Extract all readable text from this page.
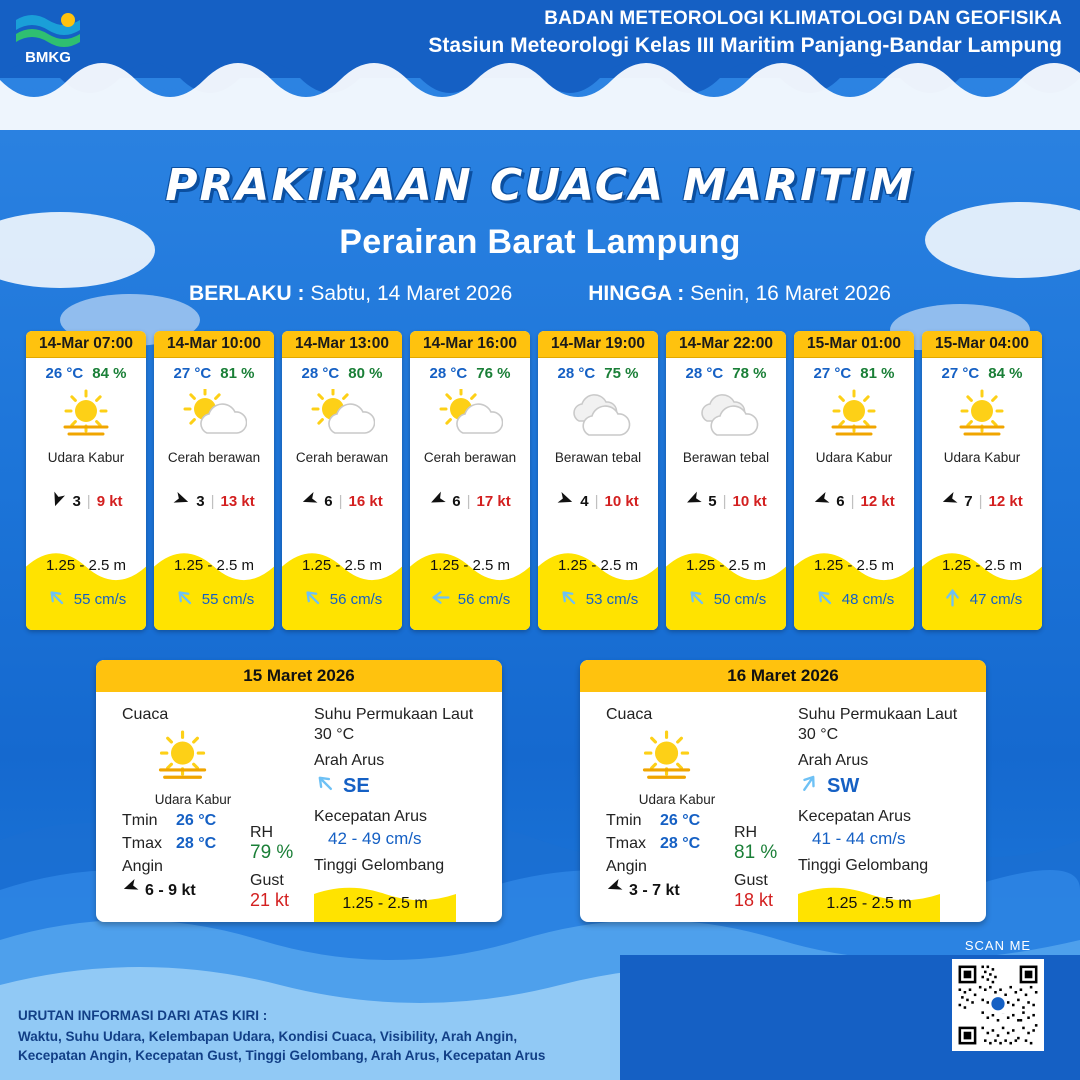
BMKG
BADAN METEOROLOGI KLIMATOLOGI DAN GEOFISIKA
Stasiun Meteorologi Kelas III Maritim Panjang-Bandar Lampung
PRAKIRAAN CUACA MARITIM
Perairan Barat Lampung
BERLAKU : Sabtu, 14 Maret 2026	HINGGA : Senin, 16 Maret 2026
14-Mar 07:00
26 °C 84 %
Udara Kabur
3 | 9 kt
1.25 - 2.5 m
55 cm/s
14-Mar 10:00
27 °C 81 %
Cerah berawan
3 | 13 kt
1.25 - 2.5 m
55 cm/s
14-Mar 13:00
28 °C 80 %
Cerah berawan
6 | 16 kt
1.25 - 2.5 m
56 cm/s
14-Mar 16:00
28 °C 76 %
Cerah berawan
6 | 17 kt
1.25 - 2.5 m
56 cm/s
14-Mar 19:00
28 °C 75 %
Berawan tebal
4 | 10 kt
1.25 - 2.5 m
53 cm/s
14-Mar 22:00
28 °C 78 %
Berawan tebal
5 | 10 kt
1.25 - 2.5 m
50 cm/s
15-Mar 01:00
27 °C 81 %
Udara Kabur
6 | 12 kt
1.25 - 2.5 m
48 cm/s
15-Mar 04:00
27 °C 84 %
Udara Kabur
7 | 12 kt
1.25 - 2.5 m
47 cm/s
15 Maret 2026
Cuaca
Udara Kabur
Tmin	26 °C
Tmax 28 °C
Angin
6 - 9 kt
RH
79 %
Gust
21 kt
Suhu Permukaan Laut
30 °C
Arah Arus
SE
Kecepatan Arus
42 - 49 cm/s
Tinggi Gelombang
1.25 - 2.5 m
16 Maret 2026
Cuaca
Udara Kabur
Tmin	26 °C
Tmax 28 °C
Angin
3 - 7 kt
RH
81 %
Gust
18 kt
Suhu Permukaan Laut
30 °C
Arah Arus
SW
Kecepatan Arus
41 - 44 cm/s
Tinggi Gelombang
1.25 - 2.5 m
URUTAN INFORMASI DARI ATAS KIRI :
Waktu, Suhu Udara, Kelembapan Udara, Kondisi Cuaca, Visibility, Arah Angin,
Kecepatan Angin, Kecepatan Gust, Tinggi Gelombang, Arah Arus, Kecepatan Arus
SCAN ME
